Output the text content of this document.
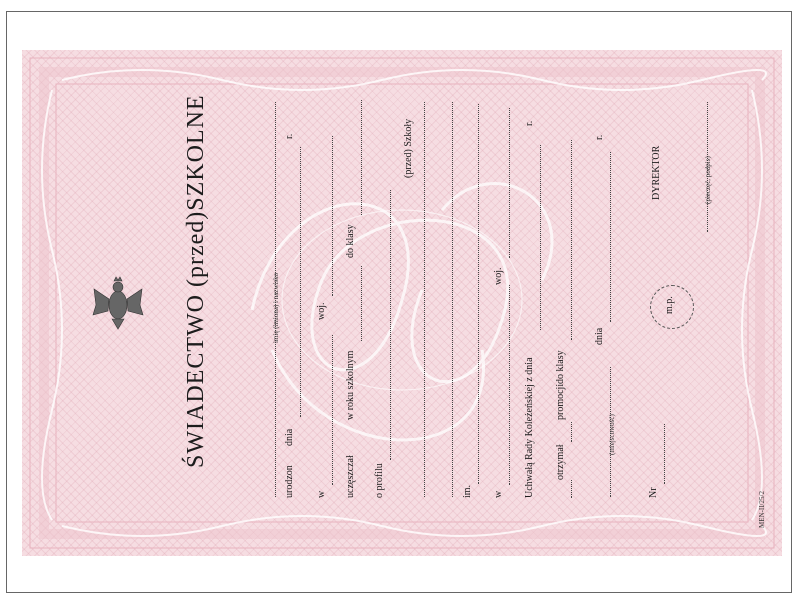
ŚWIADECTWO (przed)SZKOLNE	imię (imiona) i nazwisko
urodzon
dnia
r.
w
woj.
uczęszczał
w roku szkolnym
do klasy
o profilu
(przed) Szkoły
im. w
woj.
Uchwałą Rady Koleżeńskiej z dnia
r.
otrzymał
promocji
do klasy
(miejscowość)
dnia
r.
Nr
m.p.
DYREKTOR	(pieczęć, podpis)
MEN-II/25/2
